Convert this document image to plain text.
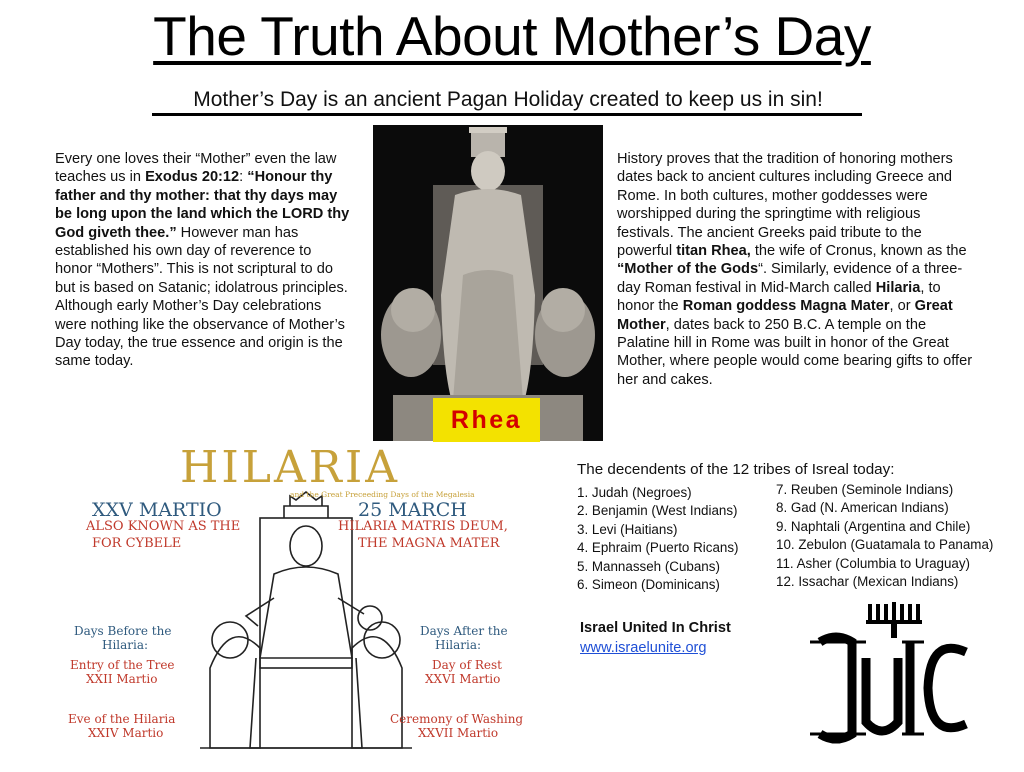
The Truth About Mother’s Day
Mother’s Day is an ancient Pagan Holiday created to keep us in sin!
Every one loves their “Mother” even the law teaches us in Exodus 20:12: “Honour thy father and thy mother: that thy days may be long upon the land which the LORD thy God giveth thee.” However man has established his own day of reverence to honor “Mothers”. This is not scriptural to do but is based on Satanic; idolatrous principles. Although early Mother’s Day celebrations were nothing like the observance of Mother’s Day today, the true essence and origin is the same today.
Rhea
History proves that the tradition of honoring mothers dates back to ancient cultures including Greece and Rome. In both cultures, mother goddesses were worshipped during the springtime with religious festivals. The ancient Greeks paid tribute to the powerful titan Rhea, the wife of Cronus, known as the “Mother of the Gods“. Similarly, evidence of a three-day Roman festival in Mid-March called Hilaria, to honor the Roman goddess Magna Mater, or Great Mother, dates back to 250 B.C. A temple on the Palatine hill in Rome was built in honor of the Great Mother, where people would come bearing gifts to offer her and cakes.
HILARIA
and the Great Preceeding Days of the Megalesia
XXV MARTIO	25 MARCH
ALSO KNOWN AS THE
FOR CYBELE
HILARIA MATRIS DEUM,
THE MAGNA MATER
Days Before the
Hilaria:
Entry of the Tree
XXII Martio
Eve of the Hilaria
XXIV Martio
Days After the
Hilaria:
Day of Rest
XXVI Martio
Ceremony of Washing
XXVII Martio
The decendents of the 12 tribes of Isreal today:
1. Judah (Negroes)
2. Benjamin (West Indians)
3. Levi (Haitians)
4. Ephraim (Puerto Ricans)
5. Mannasseh (Cubans)
6. Simeon (Dominicans)
7. Reuben (Seminole Indians)
8. Gad (N. American Indians)
9. Naphtali (Argentina and Chile)
10. Zebulon (Guatamala to Panama)
11. Asher (Columbia to Uraguay)
12. Issachar (Mexican Indians)
Israel United In Christ
www.israelunite.org
